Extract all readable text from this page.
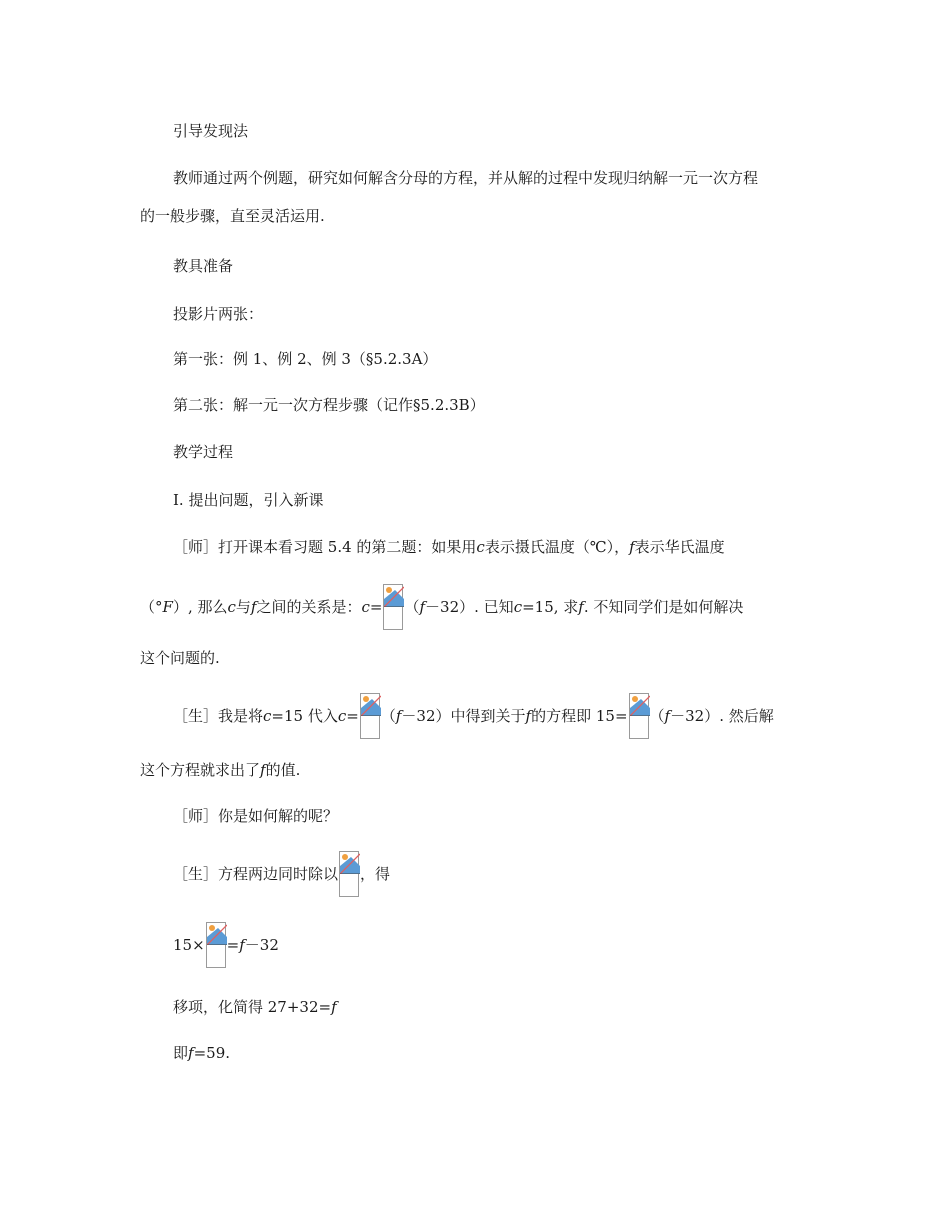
引导发现法
教师通过两个例题，研究如何解含分母的方程，并从解的过程中发现归纳解一元一次方程
的一般步骤，直至灵活运用.
教具准备
投影片两张：
第一张：例 1、例 2、例 3（§5.2.3A）
第二张：解一元一次方程步骤（记作§5.2.3B）
教学过程
Ⅰ. 提出问题，引入新课
［师］打开课本看习题 5.4 的第二题：如果用 c 表示摄氏温度（℃）， f 表示华氏温度
（° F ）, 那么 c 与 f 之间的关系是： c = （ f －32） . 已知 c =15, 求 f . 不知同学们是如何解决
这个问题的.
［生］我是将 c =15 代入 c = （ f －32） 中得到关于 f 的方程即 15= （ f －32） . 然后解
这个方程就求出了 f 的值.
［师］你是如何解的呢？
［生］方程两边同时除以 ，得
15× = f －32
移项，化简得 27+32= f
即 f =59.
